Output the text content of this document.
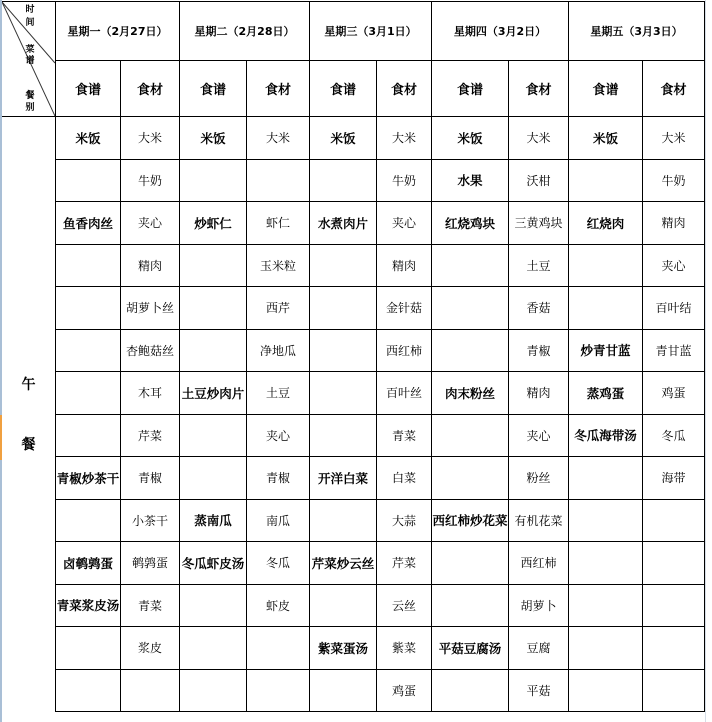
时
间
菜
谱
餐
别
	星期一（2月27日）	星期二（2月28日）	星期三（3月1日）	星期四（3月2日）	星期五（3月3日）
	食谱	食材	食谱	食材	食谱	食材	食谱	食材	食谱	食材

午
餐	米饭	大米	米饭	大米	米饭	大米	米饭	大米	米饭	大米
		牛奶				牛奶	水果	沃柑		牛奶
	鱼香肉丝	夹心	炒虾仁	虾仁	水煮肉片	夹心	红烧鸡块	三黄鸡块	红烧肉	精肉
		精肉		玉米粒		精肉		土豆		夹心
		胡萝卜丝		西芹		金针菇		香菇		百叶结
		杏鲍菇丝		净地瓜		西红柿		青椒	炒青甘蓝	青甘蓝
		木耳	土豆炒肉片	土豆		百叶丝	肉末粉丝	精肉	蒸鸡蛋	鸡蛋
		芹菜		夹心		青菜		夹心	冬瓜海带汤	冬瓜
	青椒炒茶干	青椒		青椒	开洋白菜	白菜		粉丝		海带
		小茶干	蒸南瓜	南瓜		大蒜	西红柿炒花菜	有机花菜		
	卤鹌鹑蛋	鹌鹑蛋	冬瓜虾皮汤	冬瓜	芹菜炒云丝	芹菜		西红柿		
	青菜浆皮汤	青菜		虾皮		云丝		胡萝卜		
		浆皮			紫菜蛋汤	紫菜	平菇豆腐汤	豆腐		
						鸡蛋		平菇		
